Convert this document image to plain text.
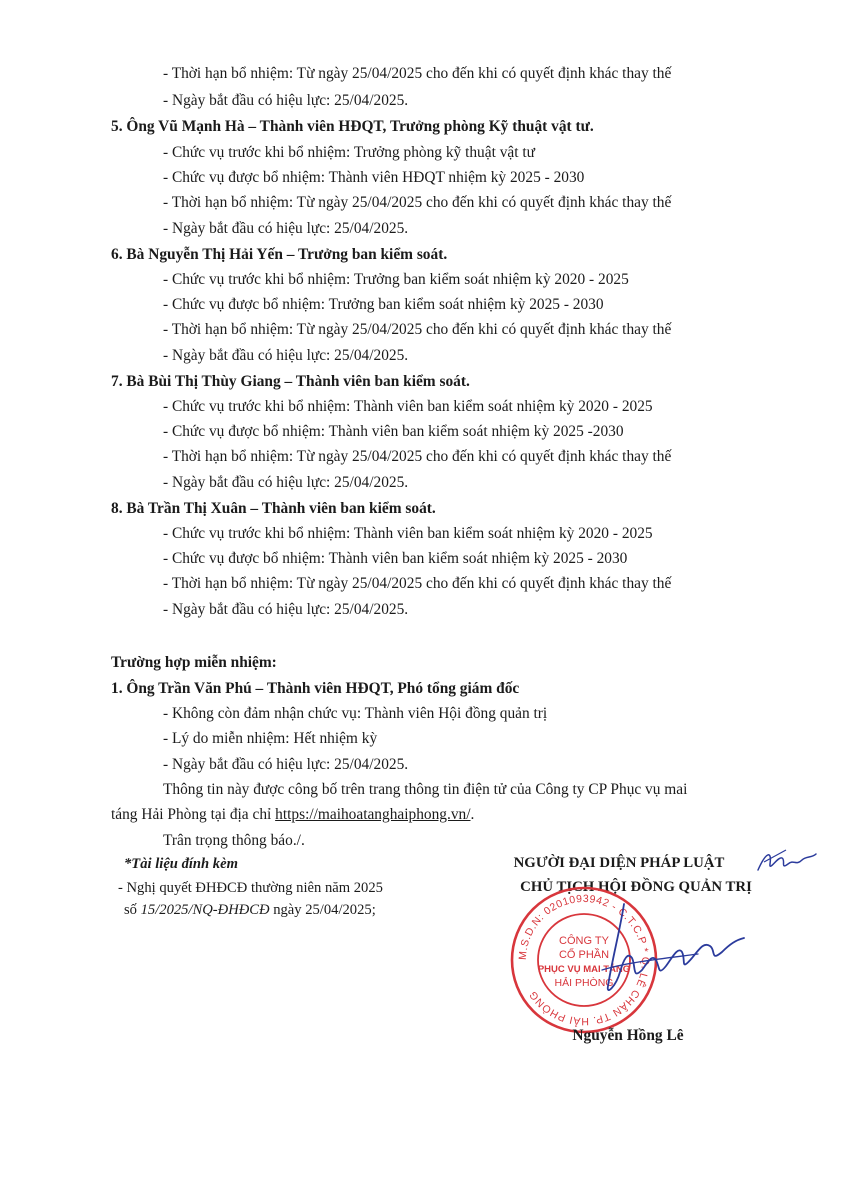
- Thời hạn bổ nhiệm: Từ ngày 25/04/2025 cho đến khi có quyết định khác thay thế
- Ngày bắt đầu có hiệu lực: 25/04/2025.
5. Ông Vũ Mạnh Hà – Thành viên HĐQT, Trưởng phòng Kỹ thuật vật tư.
- Chức vụ trước khi bổ nhiệm: Trưởng phòng kỹ thuật vật tư
- Chức vụ được bổ nhiệm: Thành viên HĐQT nhiệm kỳ 2025 - 2030
- Thời hạn bổ nhiệm: Từ ngày 25/04/2025 cho đến khi có quyết định khác thay thế
- Ngày bắt đầu có hiệu lực: 25/04/2025.
6. Bà Nguyễn Thị Hải Yến – Trưởng ban kiểm soát.
- Chức vụ trước khi bổ nhiệm: Trưởng ban kiểm soát nhiệm kỳ 2020 - 2025
- Chức vụ được bổ nhiệm: Trưởng ban kiểm soát nhiệm kỳ 2025 - 2030
- Thời hạn bổ nhiệm: Từ ngày 25/04/2025 cho đến khi có quyết định khác thay thế
- Ngày bắt đầu có hiệu lực: 25/04/2025.
7. Bà Bùi Thị Thùy Giang – Thành viên ban kiểm soát.
- Chức vụ trước khi bổ nhiệm: Thành viên ban kiểm soát nhiệm kỳ 2020 - 2025
- Chức vụ được bổ nhiệm: Thành viên ban kiểm soát nhiệm kỳ 2025 -2030
- Thời hạn bổ nhiệm: Từ ngày 25/04/2025 cho đến khi có quyết định khác thay thế
- Ngày bắt đầu có hiệu lực: 25/04/2025.
8. Bà Trần Thị Xuân – Thành viên ban kiểm soát.
- Chức vụ trước khi bổ nhiệm: Thành viên ban kiểm soát nhiệm kỳ 2020 - 2025
- Chức vụ được bổ nhiệm: Thành viên ban kiểm soát nhiệm kỳ 2025 - 2030
- Thời hạn bổ nhiệm: Từ ngày 25/04/2025 cho đến khi có quyết định khác thay thế
- Ngày bắt đầu có hiệu lực: 25/04/2025.
Trường hợp miễn nhiệm:
1. Ông Trần Văn Phú – Thành viên HĐQT, Phó tổng giám đốc
- Không còn đảm nhận chức vụ: Thành viên Hội đồng quản trị
- Lý do miễn nhiệm: Hết nhiệm kỳ
- Ngày bắt đầu có hiệu lực: 25/04/2025.
Thông tin này được công bố trên trang thông tin điện tử của Công ty CP Phục vụ mai
táng Hải Phòng tại địa chỉ https://maihoatanghaiphong.vn/.
Trân trọng thông báo./.
*Tài liệu đính kèm
- Nghị quyết ĐHĐCĐ thường niên năm 2025
số 15/2025/NQ-ĐHĐCĐ ngày 25/04/2025;
NGƯỜI ĐẠI DIỆN PHÁP LUẬT
CHỦ TỊCH HỘI ĐỒNG QUẢN TRỊ
M.S.D.N: 0201093942 - C.T.C.P * Q. LÊ CHÂN TP. HẢI PHÒNG
CÔNG TY
CỔ PHẦN
PHỤC VỤ MAI TÁNG
HẢI PHÒNG
Nguyễn Hồng Lê
